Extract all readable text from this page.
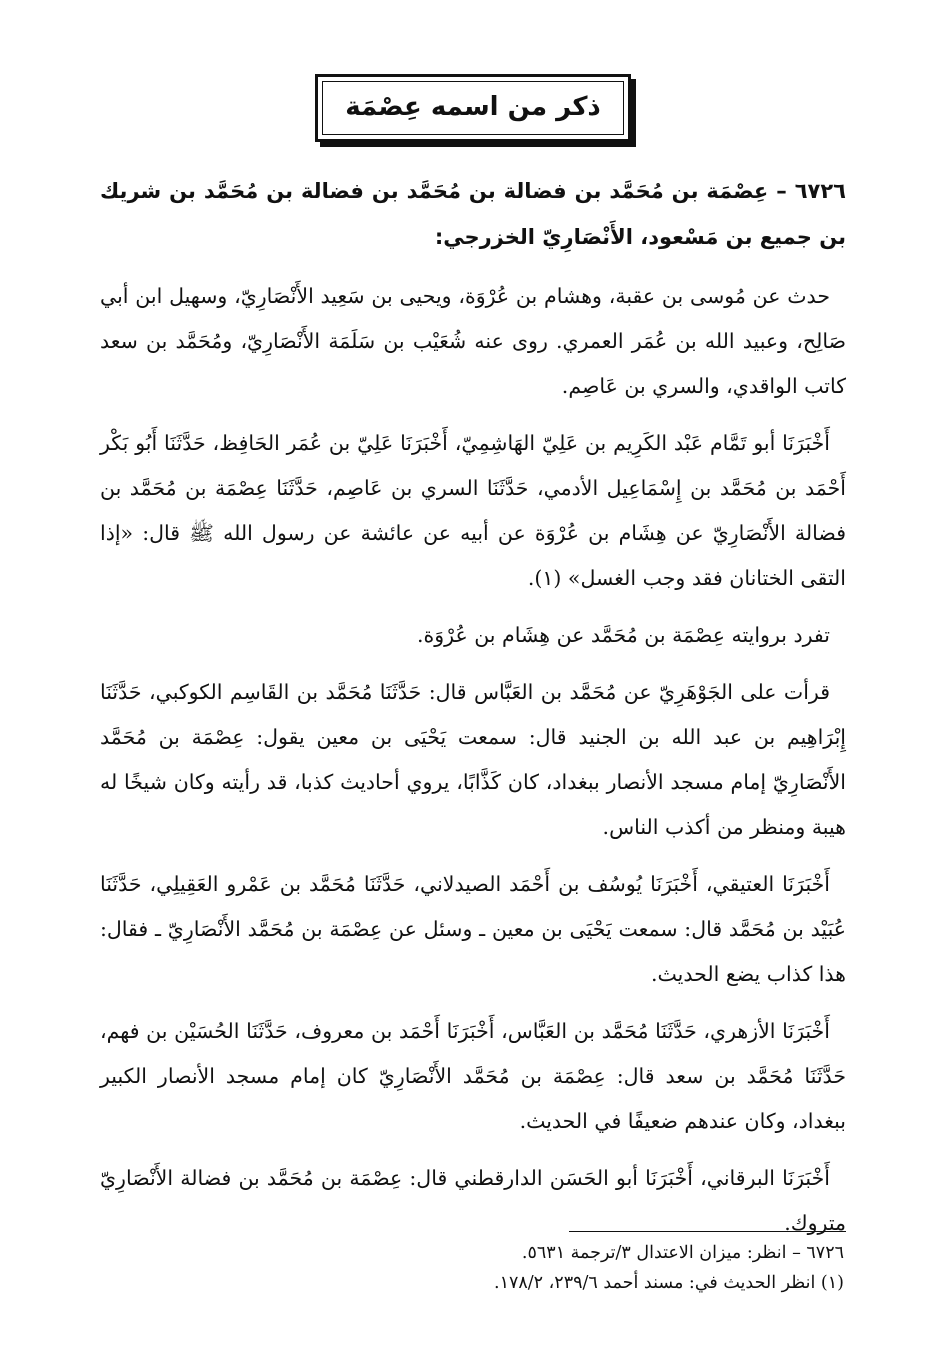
ذكر من اسمه عِصْمَة

٦٧٢٦ – عِصْمَة بن مُحَمَّد بن فضالة بن مُحَمَّد بن فضالة بن مُحَمَّد بن شريك بن جميع بن مَسْعود، الأَنْصَارِيّ الخزرجي:

حدث عن مُوسى بن عقبة، وهشام بن عُرْوَة، ويحيى بن سَعِيد الأَنْصَارِيّ، وسهيل ابن أبي صَالِح، وعبيد الله بن عُمَر العمري. روى عنه شُعَيْب بن سَلَمَة الأَنْصَارِيّ، ومُحَمَّد بن سعد كاتب الواقدي، والسري بن عَاصِم.

أَخْبَرَنَا أبو تَمَّام عَبْد الكَرِيم بن عَلِيّ الهَاشِمِيّ، أَخْبَرَنَا عَلِيّ بن عُمَر الحَافِظ، حَدَّثَنَا أَبُو بَكْر أَحْمَد بن مُحَمَّد بن إِسْمَاعِيل الأدمي، حَدَّثَنَا السري بن عَاصِم، حَدَّثَنَا عِصْمَة بن مُحَمَّد بن فضالة الأَنْصَارِيّ عن هِشَام بن عُرْوَة عن أبيه عن عائشة عن رسول الله ﷺ قال: «إذا التقى الختانان فقد وجب الغسل» (١).

تفرد بروايته عِصْمَة بن مُحَمَّد عن هِشَام بن عُرْوَة.

قرأت على الجَوْهَرِيّ عن مُحَمَّد بن العَبَّاس قال: حَدَّثَنَا مُحَمَّد بن القَاسِم الكوكبي، حَدَّثَنَا إِبْرَاهِيم بن عبد الله بن الجنيد قال: سمعت يَحْيَى بن معين يقول: عِصْمَة بن مُحَمَّد الأَنْصَارِيّ إمام مسجد الأنصار ببغداد، كان كَذَّابًا، يروي أحاديث كذبا، قد رأيته وكان شيخًا له هيبة ومنظر من أكذب الناس.

أَخْبَرَنَا العتيقي، أَخْبَرَنَا يُوسُف بن أَحْمَد الصيدلاني، حَدَّثَنَا مُحَمَّد بن عَمْرو العَقِيلِي، حَدَّثَنَا عُبَيْد بن مُحَمَّد قال: سمعت يَحْيَى بن معين ـ وسئل عن عِصْمَة بن مُحَمَّد الأَنْصَارِيّ ـ فقال: هذا كذاب يضع الحديث.

أَخْبَرَنَا الأزهري، حَدَّثَنَا مُحَمَّد بن العَبَّاس، أَخْبَرَنَا أَحْمَد بن معروف، حَدَّثَنَا الحُسَيْن بن فهم، حَدَّثَنَا مُحَمَّد بن سعد قال: عِصْمَة بن مُحَمَّد الأَنْصَارِيّ كان إمام مسجد الأنصار الكبير ببغداد، وكان عندهم ضعيفًا في الحديث.

أَخْبَرَنَا البرقاني، أَخْبَرَنَا أبو الحَسَن الدارقطني قال: عِصْمَة بن مُحَمَّد بن فضالة الأَنْصَارِيّ متروك.

٦٧٢٦ – انظر: ميزان الاعتدال ٣/ترجمة ٥٦٣١.

(١) انظر الحديث في: مسند أحمد ٢٣٩/٦، ١٧٨/٢.
